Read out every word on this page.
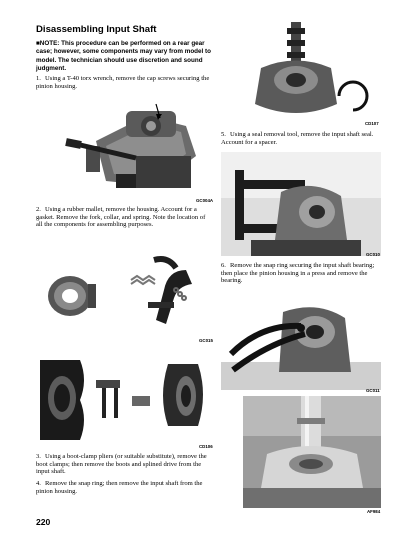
Disassembling Input Shaft

■NOTE: This procedure can be performed on a rear gear case; however, some components may vary from model to model. The technician should use discretion and sound judgment.

1. Using a T-40 torx wrench, remove the cap screws securing the pinion housing.

GC004A

2. Using a rubber mallet, remove the housing. Account for a gasket. Remove the fork, collar, and spring. Note the location of all the components for assembling purposes.

GC015
CD106

3. Using a boot-clamp pliers (or suitable substitute), remove the boot clamps; then remove the boots and splined drive from the input shaft.

4. Remove the snap ring; then remove the input shaft from the pinion housing.

CD107

5. Using a seal removal tool, remove the input shaft seal. Account for a spacer.

GC010

6. Remove the snap ring securing the input shaft bearing; then place the pinion housing in a press and remove the bearing.

GC011
AF984
220
